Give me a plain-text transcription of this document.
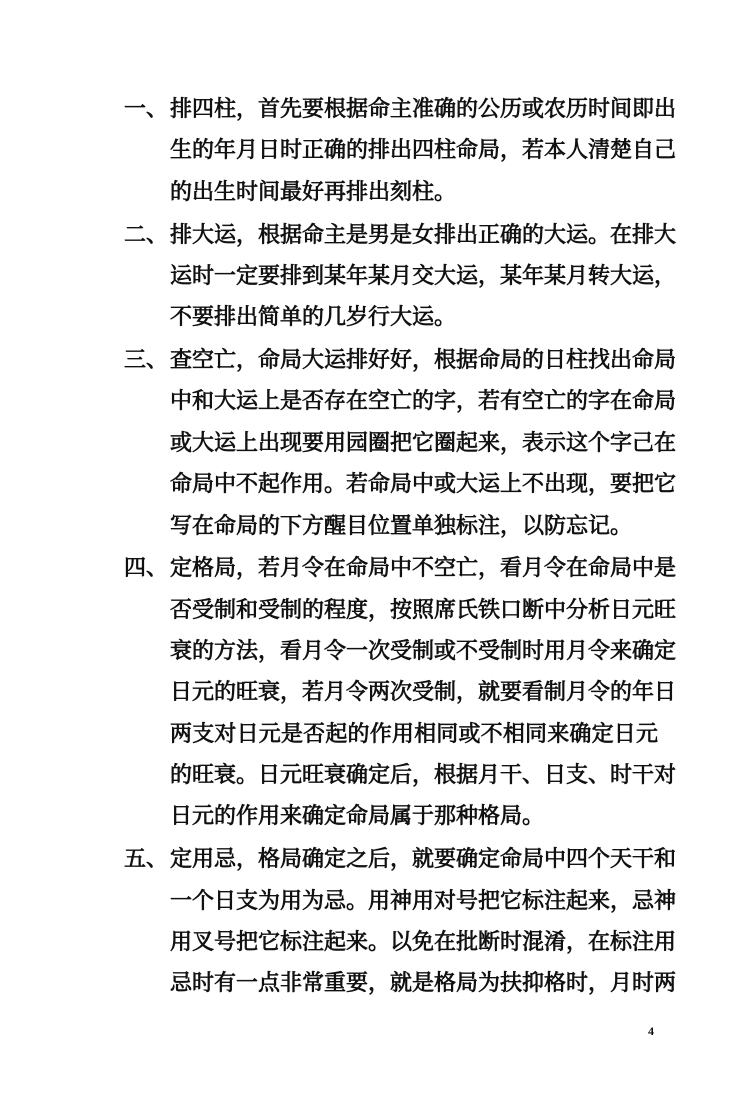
一、 排四柱，首先要根据命主准确的公历或农历时间即出
生的年月日时正确的排出四柱命局，若本人清楚自己
的出生时间最好再排出刻柱。
二、 排大运，根据命主是男是女排出正确的大运。在排大
运时一定要排到某年某月交大运，某年某月转大运，
不要排出简单的几岁行大运。
三、 查空亡，命局大运排好好，根据命局的日柱找出命局
中和大运上是否存在空亡的字，若有空亡的字在命局
或大运上出现要用园圈把它圈起来，表示这个字己在
命局中不起作用。若命局中或大运上不出现，要把它
写在命局的下方醒目位置单独标注，以防忘记。
四、 定格局，若月令在命局中不空亡，看月令在命局中是
否受制和受制的程度，按照席氏铁口断中分析日元旺
衰的方法，看月令一次受制或不受制时用月令来确定
日元的旺衰，若月令两次受制，就要看制月令的年日
两支对日元是否起的作用相同或不相同来确定日元
的旺衰。日元旺衰确定后，根据月干、日支、时干对
日元的作用来确定命局属于那种格局。
五、 定用忌，格局确定之后，就要确定命局中四个天干和
一个日支为用为忌。用神用对号把它标注起来，忌神
用叉号把它标注起来。以免在批断时混淆，在标注用
忌时有一点非常重要，就是格局为扶抑格时，月时两
4
